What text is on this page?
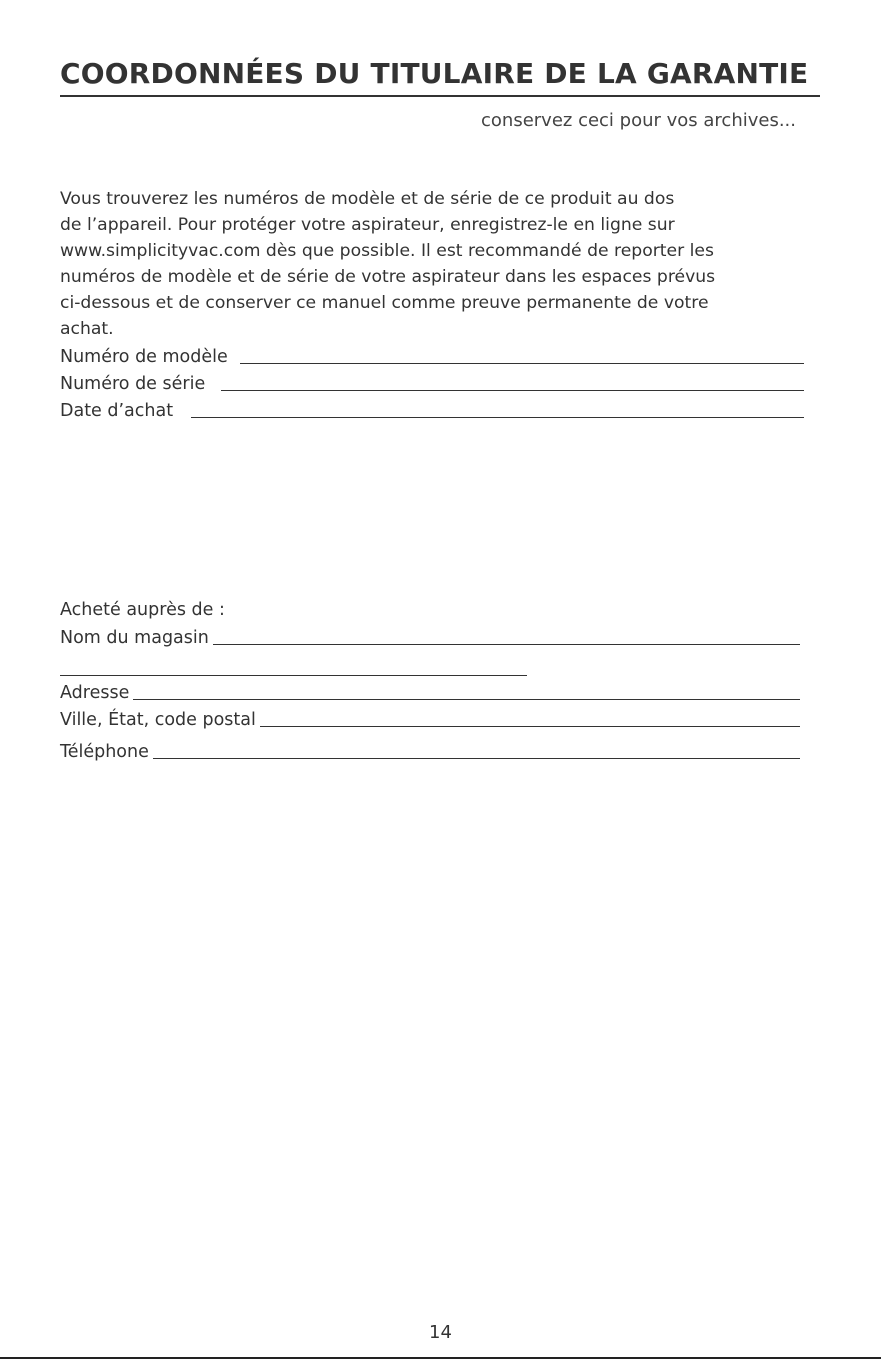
COORDONNÉES DU TITULAIRE DE LA GARANTIE
conservez ceci pour vos archives...
Vous trouverez les numéros de modèle et de série de ce produit au dos
de l’appareil. Pour protéger votre aspirateur, enregistrez-le en ligne sur
www.simplicityvac.com dès que possible. Il est recommandé de reporter les
numéros de modèle et de série de votre aspirateur dans les espaces prévus
ci-dessous et de conserver ce manuel comme preuve permanente de votre
achat.
Numéro de modèle
Numéro de série
Date d’achat
Acheté auprès de :
Nom du magasin
Adresse
Ville, État, code postal
Téléphone
14
